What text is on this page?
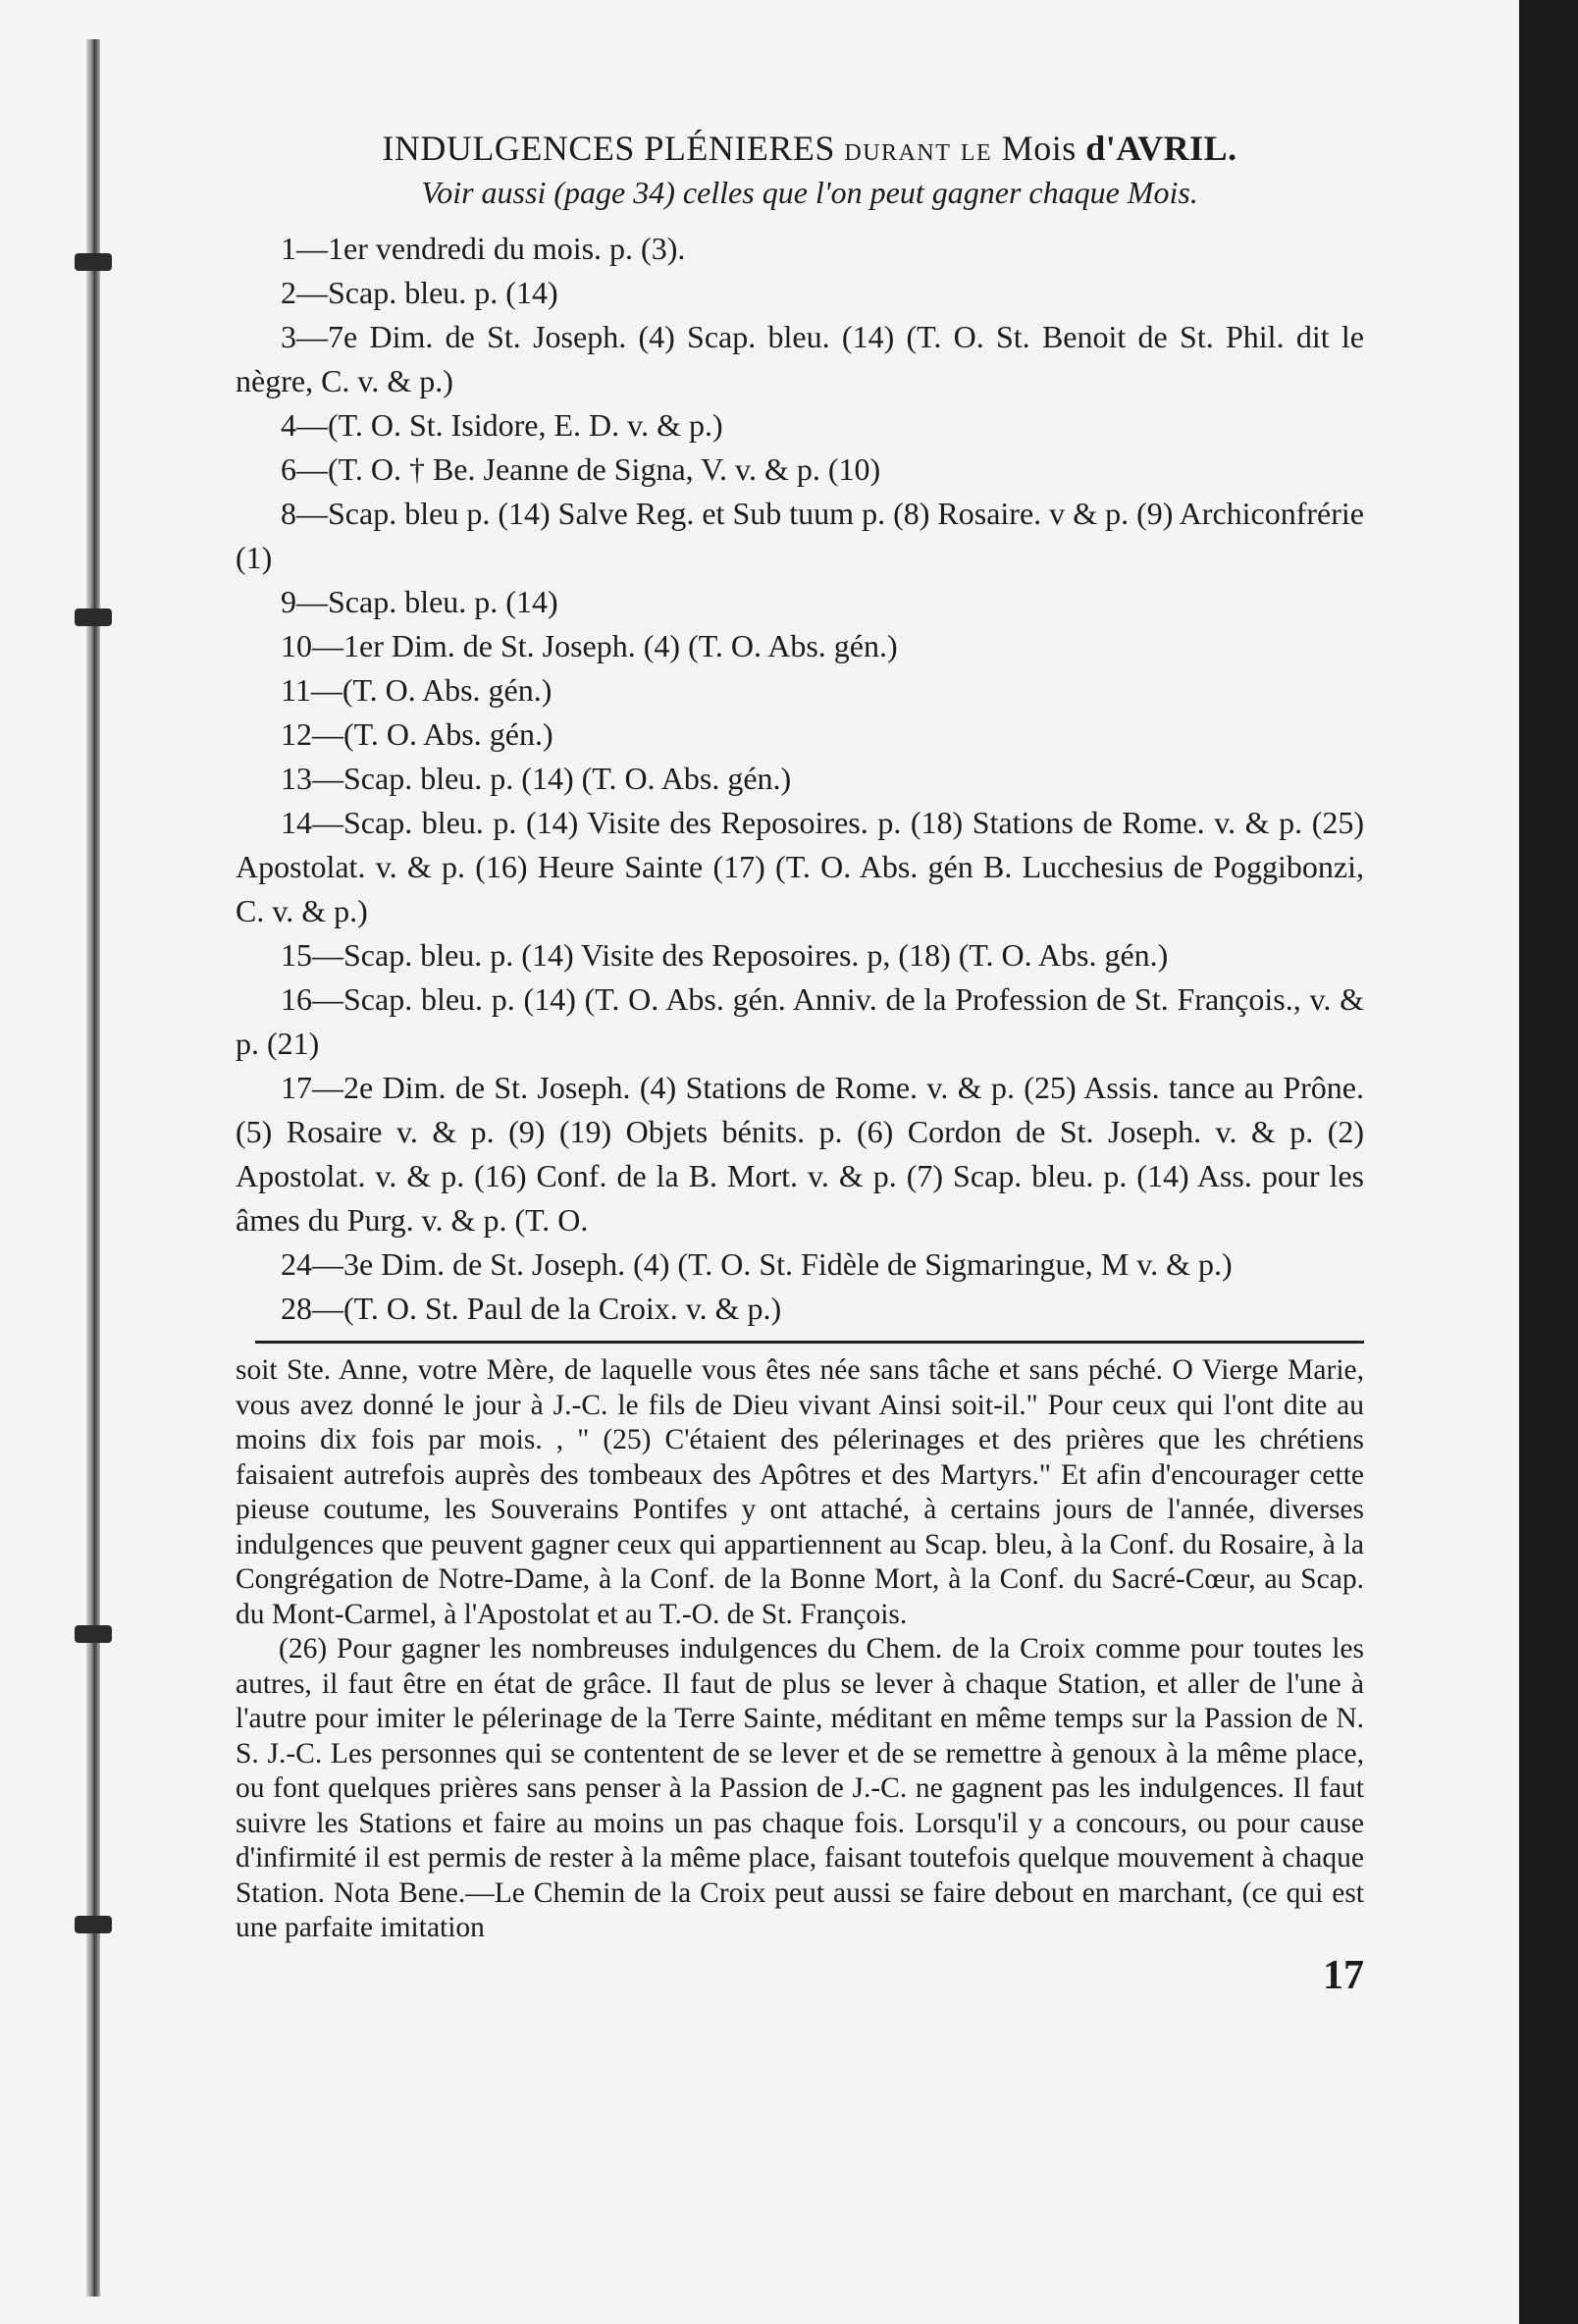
INDULGENCES PLÉNIERES DURANT LE Mois d'AVRIL.
Voir aussi (page 34) celles que l'on peut gagner chaque Mois.

1—1er vendredi du mois. p. (3).

2—Scap. bleu. p. (14)

3—7e Dim. de St. Joseph. (4) Scap. bleu. (14) (T. O. St. Benoit de St. Phil. dit le nègre, C. v. & p.)

4—(T. O. St. Isidore, E. D. v. & p.)

6—(T. O. † Be. Jeanne de Signa, V. v. & p. (10)

8—Scap. bleu p. (14) Salve Reg. et Sub tuum p. (8) Rosaire. v & p. (9) Archiconfrérie (1)

9—Scap. bleu. p. (14)

10—1er Dim. de St. Joseph. (4) (T. O. Abs. gén.)

11—(T. O. Abs. gén.)

12—(T. O. Abs. gén.)

13—Scap. bleu. p. (14) (T. O. Abs. gén.)

14—Scap. bleu. p. (14) Visite des Reposoires. p. (18) Stations de Rome. v. & p. (25) Apostolat. v. & p. (16) Heure Sainte (17) (T. O. Abs. gén B. Lucchesius de Poggibonzi, C. v. & p.)

15—Scap. bleu. p. (14) Visite des Reposoires. p, (18) (T. O. Abs. gén.)

16—Scap. bleu. p. (14) (T. O. Abs. gén. Anniv. de la Profession de St. François., v. & p. (21)

17—2e Dim. de St. Joseph. (4) Stations de Rome. v. & p. (25) Assis. tance au Prône. (5) Rosaire v. & p. (9) (19) Objets bénits. p. (6) Cordon de St. Joseph. v. & p. (2) Apostolat. v. & p. (16) Conf. de la B. Mort. v. & p. (7) Scap. bleu. p. (14) Ass. pour les âmes du Purg. v. & p. (T. O.

24—3e Dim. de St. Joseph. (4) (T. O. St. Fidèle de Sigmaringue, M v. & p.)

28—(T. O. St. Paul de la Croix. v. & p.)

soit Ste. Anne, votre Mère, de laquelle vous êtes née sans tâche et sans péché. O Vierge Marie, vous avez donné le jour à J.-C. le fils de Dieu vivant Ainsi soit-il." Pour ceux qui l'ont dite au moins dix fois par mois. , " (25) C'étaient des pélerinages et des prières que les chrétiens faisaient autrefois auprès des tombeaux des Apôtres et des Martyrs." Et afin d'encourager cette pieuse coutume, les Souverains Pontifes y ont attaché, à certains jours de l'année, diverses indulgences que peuvent gagner ceux qui appartiennent au Scap. bleu, à la Conf. du Rosaire, à la Congrégation de Notre-Dame, à la Conf. de la Bonne Mort, à la Conf. du Sacré-Cœur, au Scap. du Mont-Carmel, à l'Apostolat et au T.-O. de St. François.

(26) Pour gagner les nombreuses indulgences du Chem. de la Croix comme pour toutes les autres, il faut être en état de grâce. Il faut de plus se lever à chaque Station, et aller de l'une à l'autre pour imiter le pélerinage de la Terre Sainte, méditant en même temps sur la Passion de N. S. J.-C. Les personnes qui se contentent de se lever et de se remettre à genoux à la même place, ou font quelques prières sans penser à la Passion de J.-C. ne gagnent pas les indulgences. Il faut suivre les Stations et faire au moins un pas chaque fois. Lorsqu'il y a concours, ou pour cause d'infirmité il est permis de rester à la même place, faisant toutefois quelque mouvement à chaque Station. Nota Bene.—Le Chemin de la Croix peut aussi se faire debout en marchant, (ce qui est une parfaite imitation

17
